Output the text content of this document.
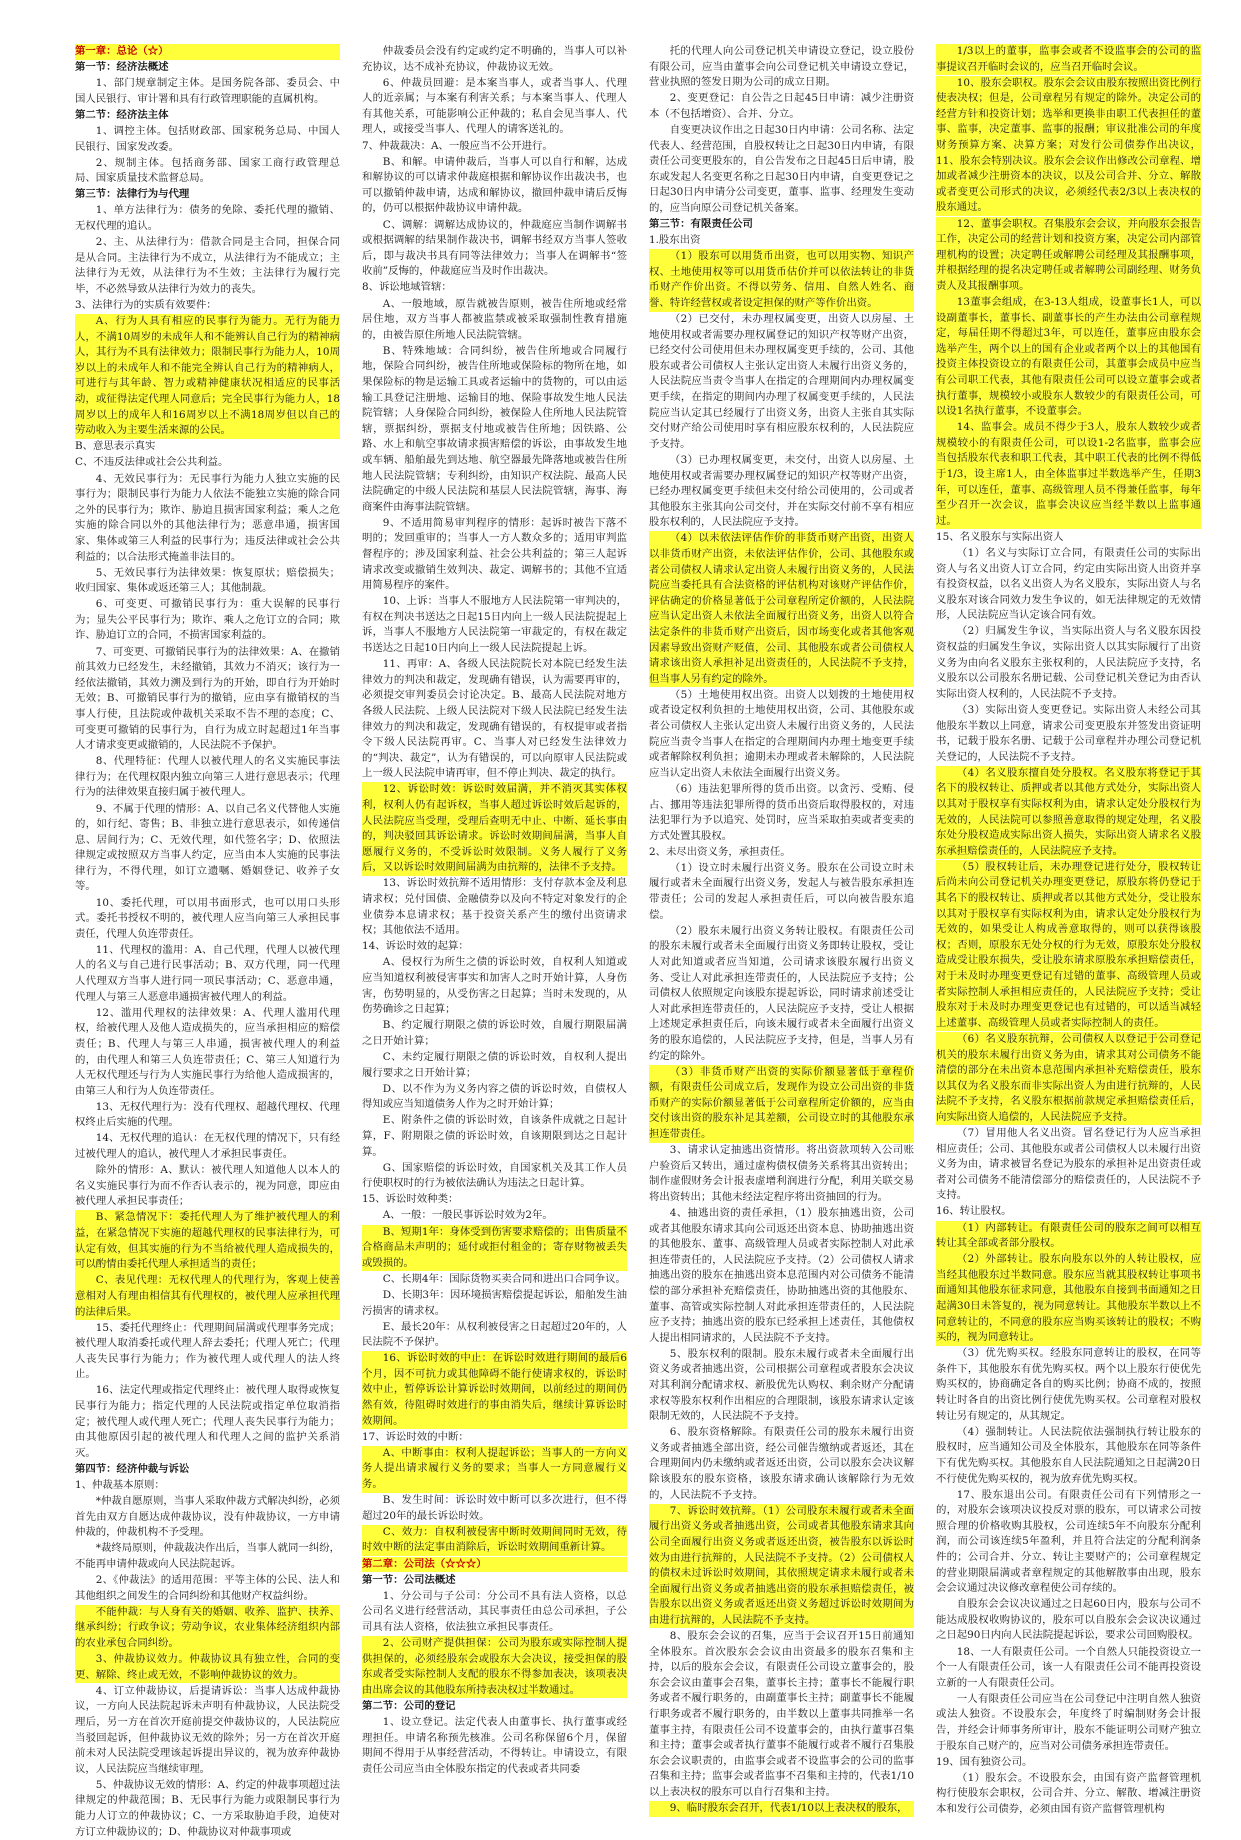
第一章：总论（☆）

第一节：经济法概述

1、部门规章制定主体。是国务院各部、委员会、中国人民银行、审计署和具有行政管理职能的直属机构。

第二节：经济法主体

1、调控主体。包括财政部、国家税务总局、中国人民银行、国家发改委。

2、规制主体。包括商务部、国家工商行政管理总局、国家质量技术监督总局。

第三节：法律行为与代理

1、单方法律行为：债务的免除、委托代理的撤销、无权代理的追认。

2、主、从法律行为：借款合同是主合同，担保合同是从合同。主法律行为不成立，从法律行为不能成立；主法律行为无效，从法律行为不生效；主法律行为履行完毕，不必然导致从法律行为效力的丧失。

3、法律行为的实质有效要件：

A、行为人具有相应的民事行为能力。无行为能力人，不满10周岁的未成年人和不能辨认自己行为的精神病人，其行为不具有法律效力；限制民事行为能力人，10周岁以上的未成年人和不能完全辨认自己行为的精神病人，可进行与其年龄、智力或精神健康状况相适应的民事活动，或征得法定代理人同意后；完全民事行为能力人，18周岁以上的成年人和16周岁以上不满18周岁但以自己的劳动收入为主要生活来源的公民。

B、意思表示真实

C、不违反法律或社会公共利益。

4、无效民事行为：无民事行为能力人独立实施的民事行为；限制民事行为能力人依法不能独立实施的除合同之外的民事行为；欺诈、胁迫且损害国家利益；乘人之危实施的除合同以外的其他法律行为；恶意串通，损害国家、集体或第三人利益的民事行为；违反法律或社会公共利益的；以合法形式掩盖非法目的。

5、无效民事行为法律效果：恢复原状；赔偿损失；收归国家、集体或返还第三人；其他制裁。

6、可变更、可撤销民事行为：重大误解的民事行为；显失公平民事行为；欺诈、乘人之危订立的合同；欺诈、胁迫订立的合同，不损害国家利益的。

7、可变更、可撤销民事行为的法律效果：A、在撤销前其效力已经发生，未经撤销，其效力不消灭；该行为一经依法撤销，其效力溯及到行为的开始，即自行为开始时无效；B、可撤销民事行为的撤销，应由享有撤销权的当事人行使，且法院或仲裁机关采取不告不理的态度；C、可变更可撤销的民事行为，自行为成立时起超过1年当事人才请求变更或撤销的，人民法院不予保护。

8、代理特征：代理人以被代理人的名义实施民事法律行为；在代理权限内独立向第三人进行意思表示；代理行为的法律效果直接归属于被代理人。

9、不属于代理的情形：A、以自己名义代替他人实施的，如行纪、寄售；B、非独立进行意思表示，如传递信息、居间行为；C、无效代理，如代签名字；D、依照法律规定或按照双方当事人约定，应当由本人实施的民事法律行为，不得代理，如订立遗嘱、婚姻登记、收养子女等。

10、委托代理，可以用书面形式，也可以用口头形式。委托书授权不明的，被代理人应当向第三人承担民事责任，代理人负连带责任。

11、代理权的滥用：A、自己代理，代理人以被代理人的名义与自己进行民事活动；B、双方代理，同一代理人代理双方当事人进行同一项民事活动；C、恶意串通，代理人与第三人恶意串通损害被代理人的利益。

12、滥用代理权的法律效果：A、代理人滥用代理权，给被代理人及他人造成损失的，应当承担相应的赔偿责任；B、代理人与第三人串通，损害被代理人的利益的，由代理人和第三人负连带责任；C、第三人知道行为人无权代理还与行为人实施民事行为给他人造成损害的，由第三人和行为人负连带责任。

13、无权代理行为：没有代理权、超越代理权、代理权终止后实施的代理。

14、无权代理的追认：在无权代理的情况下，只有经过被代理人的追认，被代理人才承担民事责任。

除外的情形：A、默认：被代理人知道他人以本人的名义实施民事行为而不作否认表示的，视为同意，即应由被代理人承担民事责任；

B、紧急情况下：委托代理人为了维护被代理人的利益，在紧急情况下实施的超越代理权的民事法律行为，可认定有效，但其实施的行为不当给被代理人造成损失的，可以酌情由委托代理人承担适当的责任；

C、表见代理：无权代理人的代理行为，客观上使善意相对人有理由相信其有代理权的，被代理人应承担代理的法律后果。

15、委托代理终止：代理期间届满或代理事务完成；被代理人取消委托或代理人辞去委托；代理人死亡；代理人丧失民事行为能力；作为被代理人或代理人的法人终止。

16、法定代理或指定代理终止：被代理人取得或恢复民事行为能力；指定代理的人民法院或指定单位取消指定；被代理人或代理人死亡；代理人丧失民事行为能力；由其他原因引起的被代理人和代理人之间的监护关系消灭。

第四节：经济仲裁与诉讼

1、仲裁基本原则：

*仲裁自愿原则，当事人采取仲裁方式解决纠纷，必须首先由双方自愿达成仲裁协议，没有仲裁协议，一方申请仲裁的，仲裁机构不予受理。

*裁终局原则，仲裁裁决作出后，当事人就同一纠纷，不能再申请仲裁或向人民法院起诉。

2、《仲裁法》的适用范围：平等主体的公民、法人和其他组织之间发生的合同纠纷和其他财产权益纠纷。

不能仲裁：与人身有关的婚姻、收养、监护、扶养、继承纠纷；行政争议；劳动争议，农业集体经济组织内部的农业承包合同纠纷。

3、仲裁协议效力。仲裁协议具有独立性，合同的变更、解除、终止或无效，不影响仲裁协议的效力。

4、订立仲裁协议，后提请诉讼：当事人达成仲裁协议，一方向人民法院起诉未声明有仲裁协议，人民法院受理后，另一方在首次开庭前提交仲裁协议的，人民法院应当驳回起诉，但仲裁协议无效的除外；另一方在首次开庭前未对人民法院受理该起诉提出异议的，视为放弃仲裁协议，人民法院应当继续审理。

5、仲裁协议无效的情形：A、约定的仲裁事项超过法律规定的仲裁范围；B、无民事行为能力或限制民事行为能力人订立的仲裁协议；C、一方采取胁迫手段，迫使对方订立仲裁协议的；D、仲裁协议对仲裁事项或

仲裁委员会没有约定或约定不明确的，当事人可以补充协议，达不成补充协议，仲裁协议无效。

6、仲裁员回避：是本案当事人，或者当事人、代理人的近亲属；与本案有利害关系；与本案当事人、代理人有其他关系，可能影响公正仲裁的；私自会见当事人、代理人，或接受当事人、代理人的请客送礼的。

7、仲裁裁决：A、一般应当不公开进行。

B、和解。申请仲裁后，当事人可以自行和解，达成和解协议的可以请求仲裁庭根据和解协议作出裁决书，也可以撤销仲裁申请，达成和解协议，撤回仲裁申请后反悔的，仍可以根据仲裁协议申请仲裁。

C、调解：调解达成协议的，仲裁庭应当制作调解书或根据调解的结果制作裁决书，调解书经双方当事人签收后，即与裁决书具有同等法律效力；当事人在调解书“签收前”反悔的，仲裁庭应当及时作出裁决。

8、诉讼地域管辖：

A、一般地域，原告就被告原则，被告住所地或经常居住地，双方当事人都被监禁或被采取强制性教育措施的，由被告原住所地人民法院管辖。

B、特殊地域：合同纠纷，被告住所地或合同履行地，保险合同纠纷，被告住所地或保险标的物所在地，如果保险标的物是运输工具或者运输中的货物的，可以由运输工具登记注册地、运输目的地、保险事故发生地人民法院管辖；人身保险合同纠纷，被保险人住所地人民法院管辖，票据纠纷，票据支付地或被告住所地；因铁路、公路、水上和航空事故请求损害赔偿的诉讼，由事故发生地或车辆、船舶最先到达地、航空器最先降落地或被告住所地人民法院管辖；专利纠纷，由知识产权法院、最高人民法院确定的中级人民法院和基层人民法院管辖，海事、海商案件由海事法院管辖。

9、不适用简易审判程序的情形：起诉时被告下落不明的；发回重审的；当事人一方人数众多的；适用审判监督程序的；涉及国家利益、社会公共利益的；第三人起诉请求改变或撤销生效判决、裁定、调解书的；其他不宜适用简易程序的案件。

10、上诉：当事人不服地方人民法院第一审判决的，有权在判决书送达之日起15日内向上一级人民法院提起上诉，当事人不服地方人民法院第一审裁定的，有权在裁定书送达之日起10日内向上一级人民法院提起上诉。

11、再审：A、各级人民法院院长对本院已经发生法律效力的判决和裁定，发现确有错误，认为需要再审的，必须提交审判委员会讨论决定。B、最高人民法院对地方各级人民法院、上级人民法院对下级人民法院已经发生法律效力的判决和裁定，发现确有错误的，有权提审或者指令下级人民法院再审。C、当事人对已经发生法律效力的“判决、裁定”，认为有错误的，可以向原审人民法院或上一级人民法院申请再审，但不停止判决、裁定的执行。

12、诉讼时效：诉讼时效届满，并不消灭其实体权利，权利人仍有起诉权，当事人超过诉讼时效后起诉的，人民法院应当受理，受理后查明无中止、中断、延长事由的，判决驳回其诉讼请求。诉讼时效期间届满，当事人自愿履行义务的，不受诉讼时效限制。义务人履行了义务后，又以诉讼时效期间届满为由抗辩的，法律不予支持。

13、诉讼时效抗辩不适用情形：支付存款本金及利息请求权；兑付国债、金融债券以及向不特定对象发行的企业债券本息请求权；基于投资关系产生的缴付出资请求权；其他依法不适用。

14、诉讼时效的起算：

A、侵权行为所生之债的诉讼时效，自权利人知道或应当知道权利被侵害事实和加害人之时开始计算，人身伤害，伤势明显的，从受伤害之日起算；当时未发现的，从伤势确诊之日起算；

B、约定履行期限之债的诉讼时效，自履行期限届满之日开始计算；

C、未约定履行期限之债的诉讼时效，自权利人提出履行要求之日开始计算；

D、以不作为为义务内容之债的诉讼时效，自债权人得知或应当知道债务人作为之时开始计算；

E、附条件之债的诉讼时效，自该条件成就之日起计算，F、附期限之债的诉讼时效，自该期限到达之日起计算。

G、国家赔偿的诉讼时效，自国家机关及其工作人员行使职权时的行为被依法确认为违法之日起计算。

15、诉讼时效种类：

A、一般：一般民事诉讼时效为2年。

B、短期1年：身体受到伤害要求赔偿的；出售质量不合格商品未声明的；延付或拒付租金的；寄存财物被丢失或毁损的。

C、长期4年：国际货物买卖合同和进出口合同争议。

D、长期3年：因环境损害赔偿提起诉讼，船舶发生油污损害的请求权。

E、最长20年：从权利被侵害之日起超过20年的，人民法院不予保护。

16、诉讼时效的中止：在诉讼时效进行期间的最后6个月，因不可抗力或其他障碍不能行使请求权的，诉讼时效中止，暂停诉讼计算诉讼时效期间，以前经过的期间仍然有效，待阻碍时效进行的事由消失后，继续计算诉讼时效期间。

17、诉讼时效的中断：

A、中断事由：权利人提起诉讼；当事人的一方向义务人提出请求履行义务的要求；当事人一方同意履行义务。

B、发生时间：诉讼时效中断可以多次进行，但不得超过20年的最长诉讼时效。

C、效力：自权利被侵害中断时效期间同时无效，待时效中断的法定事由消除后，诉讼时效期间重新计算。

第二章：公司法（☆☆☆）

第一节：公司法概述

1、分公司与子公司：分公司不具有法人资格，以总公司名义进行经营活动，其民事责任由总公司承担，子公司具有法人资格，依法独立承担民事责任。

2、公司财产提供担保：公司为股东或实际控制人提供担保的，必须经股东会或股东大会决议，接受担保的股东或者受实际控制人支配的股东不得参加表决，该项表决由出席会议的其他股东所持表决权过半数通过。

第二节：公司的登记

1、设立登记。法定代表人由董事长、执行董事或经理担任。申请名称预先核准。公司名称保留6个月，保留期间不得用于从事经营活动，不得转让。申请设立，有限责任公司应当由全体股东指定的代表或者共同委

托的代理人向公司登记机关申请设立登记，设立股份有限公司，应当由董事会向公司登记机关申请设立登记，营业执照的签发日期为公司的成立日期。

2、变更登记：自公告之日起45日申请：减少注册资本（不包括增资）、合并、分立。

自变更决议作出之日起30日内申请：公司名称、法定代表人、经营范围，自股权转让之日起30日内申请，有限责任公司变更股东的，自公告发布之日起45日后申请，股东或发起人名变更名称之日起30日内申请，自变更登记之日起30日内申请分公司变更，董事、监事、经理发生变动的，应当向原公司登记机关备案。

第三节：有限责任公司

1.股东出资

（1）股东可以用货币出资，也可以用实物、知识产权、土地使用权等可以用货币估价并可以依法转让的非货币财产作价出资。不得以劳务、信用、自然人姓名、商誉、特许经营权或者设定担保的财产等作价出资。

（2）已交付，未办理权属变更，出资人以房屋、土地使用权或者需要办理权属登记的知识产权等财产出资，已经交付公司使用但未办理权属变更手续的，公司、其他股东或者公司债权人主张认定出资人未履行出资义务的，人民法院应当责令当事人在指定的合理期间内办理权属变更手续，在指定的期间内办理了权属变更手续的，人民法院应当认定其已经履行了出资义务，出资人主张自其实际交付财产给公司使用时享有相应股东权利的，人民法院应予支持。

（3）已办理权属变更，未交付，出资人以房屋、土地使用权或者需要办理权属登记的知识产权等财产出资，已经办理权属变更手续但未交付给公司使用的，公司或者其他股东主张其向公司交付，并在实际交付前不享有相应股东权利的，人民法院应予支持。

（4）以未依法评估作价的非货币财产出资，出资人以非货币财产出资，未依法评估作价，公司、其他股东或者公司债权人请求认定出资人未履行出资义务的，人民法院应当委托具有合法资格的评估机构对该财产评估作价，评估确定的价格显著低于公司章程所定价额的，人民法院应当认定出资人未依法全面履行出资义务，出资人以符合法定条件的非货币财产出资后，因市场变化或者其他客观因素导致出资财产贬值，公司、其他股东或者公司债权人请求该出资人承担补足出资责任的，人民法院不予支持，但当事人另有约定的除外。

（5）土地使用权出资。出资人以划拨的土地使用权或者设定权利负担的土地使用权出资，公司、其他股东或者公司债权人主张认定出资人未履行出资义务的，人民法院应当责令当事人在指定的合理期间内办理土地变更手续或者解除权利负担；逾期未办理或者未解除的，人民法院应当认定出资人未依法全面履行出资义务。

（6）违法犯罪所得的货币出资。以贪污、受贿、侵占、挪用等违法犯罪所得的货币出资后取得股权的，对违法犯罪行为予以追究、处罚时，应当采取拍卖或者变卖的方式处置其股权。

2、未尽出资义务，承担责任。

（1）设立时未履行出资义务。股东在公司设立时未履行或者未全面履行出资义务，发起人与被告股东承担连带责任；公司的发起人承担责任后，可以向被告股东追偿。

（2）股东未履行出资义务转让股权。有限责任公司的股东未履行或者未全面履行出资义务即转让股权，受让人对此知道或者应当知道，公司请求该股东履行出资义务、受让人对此承担连带责任的，人民法院应予支持；公司债权人依照规定向该股东提起诉讼，同时请求前述受让人对此承担连带责任的，人民法院应予支持，受让人根据上述规定承担责任后，向该未履行或者未全面履行出资义务的股东追偿的，人民法院应予支持，但是，当事人另有约定的除外。

（3）非货币财产出资的实际价额显著低于章程价额，有限责任公司成立后，发现作为设立公司出资的非货币财产的实际价额显著低于公司章程所定价额的，应当由交付该出资的股东补足其差额，公司设立时的其他股东承担连带责任。

3、请求认定抽逃出资情形。将出资款项转入公司账户验资后又转出，通过虚构债权债务关系将其出资转出；制作虚假财务会计报表虚增利润进行分配，利用关联交易将出资转出；其他未经法定程序将出资抽回的行为。

4、抽逃出资的责任承担，（1）股东抽逃出资，公司或者其他股东请求其向公司返还出资本息、协助抽逃出资的其他股东、董事、高级管理人员或者实际控制人对此承担连带责任的，人民法院应予支持。（2）公司债权人请求抽逃出资的股东在抽逃出资本息范围内对公司债务不能清偿的部分承担补充赔偿责任，协助抽逃出资的其他股东、董事、高管或实际控制人对此承担连带责任的，人民法院应予支持；抽逃出资的股东已经承担上述责任，其他债权人提出相同请求的，人民法院不予支持。

5、股东权利的限制。股东未履行或者未全面履行出资义务或者抽逃出资，公司根据公司章程或者股东会决议对其利润分配请求权、新股优先认购权、剩余财产分配请求权等股东权利作出相应的合理限制，该股东请求认定该限制无效的，人民法院不予支持。

6、股东资格解除。有限责任公司的股东未履行出资义务或者抽逃全部出资，经公司催告缴纳或者返还，其在合理期间内仍未缴纳或者返还出资，公司以股东会决议解除该股东的股东资格，该股东请求确认该解除行为无效的，人民法院不予支持。

7、诉讼时效抗辩。（1）公司股东未履行或者未全面履行出资义务或者抽逃出资，公司或者其他股东请求其向公司全面履行出资义务或者返还出资，被告股东以诉讼时效为由进行抗辩的，人民法院不予支持。（2）公司债权人的债权未过诉讼时效期间，其依照规定请求未履行或者未全面履行出资义务或者抽逃出资的股东承担赔偿责任，被告股东以出资义务或者返还出资义务超过诉讼时效期间为由进行抗辩的，人民法院不予支持。

8、股东会会议的召集，应当于会议召开15日前通知全体股东。首次股东会会议由出资最多的股东召集和主持，以后的股东会会议，有限责任公司设立董事会的，股东会会议由董事会召集，董事长主持；董事长不能履行职务或者不履行职务的，由副董事长主持；副董事长不能履行职务或者不履行职务的，由半数以上董事共同推举一名董事主持，有限责任公司不设董事会的，由执行董事召集和主持；董事会或者执行董事不能履行或者不履行召集股东会会议职责的，由监事会或者不设监事会的公司的监事召集和主持；监事会或者监事不召集和主持的，代表1/10以上表决权的股东可以自行召集和主持。

9、临时股东会召开，代表1/10以上表决权的股东，

1/3以上的董事，监事会或者不设监事会的公司的监事提议召开临时会议的，应当召开临时会议。

10、股东会职权。股东会会议由股东按照出资比例行使表决权；但是，公司章程另有规定的除外。决定公司的经营方针和投资计划；选举和更换非由职工代表担任的董事、监事，决定董事、监事的报酬；审议批准公司的年度财务预算方案、决算方案；对发行公司债券作出决议，11、股东会特别决议。股东会会议作出修改公司章程、增加或者减少注册资本的决议，以及公司合并、分立、解散或者变更公司形式的决议，必须经代表2/3以上表决权的股东通过。

12、董事会职权。召集股东会会议，并向股东会报告工作，决定公司的经营计划和投资方案，决定公司内部管理机构的设置；决定聘任或解聘公司经理及其报酬事项，并根据经理的提名决定聘任或者解聘公司副经理、财务负责人及其报酬事项。

13董事会组成，在3-13人组成，设董事长1人，可以设副董事长，董事长、副董事长的产生办法由公司章程规定，每届任期不得超过3年，可以连任，董事应由股东会选举产生，两个以上的国有企业或者两个以上的其他国有投资主体投资设立的有限责任公司，其董事会成员中应当有公司职工代表，其他有限责任公司可以设立董事会或者执行董事，规模较小或股东人数较少的有限责任公司，可以设1名执行董事，不设董事会。

14、监事会。成员不得少于3人，股东人数较少或者规模较小的有限责任公司，可以设1-2名监事，监事会应当包括股东代表和职工代表，其中职工代表的比例不得低于1/3，设主席1人，由全体监事过半数选举产生，任期3年，可以连任，董事、高级管理人员不得兼任监事，每年至少召开一次会议，监事会决议应当经半数以上监事通过。

15、名义股东与实际出资人

（1）名义与实际订立合同，有限责任公司的实际出资人与名义出资人订立合同，约定由实际出资人出资并享有投资权益，以名义出资人为名义股东，实际出资人与名义股东对该合同效力发生争议的，如无法律规定的无效情形，人民法院应当认定该合同有效。

（2）归属发生争议，当实际出资人与名义股东因投资权益的归属发生争议，实际出资人以其实际履行了出资义务为由向名义股东主张权利的，人民法院应予支持，名义股东以公司股东名册记载、公司登记机关登记为由否认实际出资人权利的，人民法院不予支持。

（3）实际出资人变更登记。实际出资人未经公司其他股东半数以上同意，请求公司变更股东并签发出资证明书，记载于股东名册、记载于公司章程并办理公司登记机关登记的，人民法院不予支持。

（4）名义股东擅自处分股权。名义股东将登记于其名下的股权转让、质押或者以其他方式处分，实际出资人以其对于股权享有实际权利为由，请求认定处分股权行为无效的，人民法院可以参照善意取得的规定处理，名义股东处分股权造成实际出资人损失，实际出资人请求名义股东承担赔偿责任的，人民法院应予支持。

（5）股权转让后，未办理登记进行处分，股权转让后尚未向公司登记机关办理变更登记，原股东将仍登记于其名下的股权转让、质押或者以其他方式处分，受让股东以其对于股权享有实际权利为由，请求认定处分股权行为无效的，如果受让人构成善意取得的，则可以获得该股权；否则，原股东无处分权的行为无效，原股东处分股权造成受让股东损失，受让股东请求原股东承担赔偿责任，对于未及时办理变更登记有过错的董事、高级管理人员或者实际控制人承担相应责任的，人民法院应予支持；受让股东对于未及时办理变更登记也有过错的，可以适当减轻上述董事、高级管理人员或者实际控制人的责任。

（6）名义股东抗辩，公司债权人以登记于公司登记机关的股东未履行出资义务为由，请求其对公司债务不能清偿的部分在未出资本息范围内承担补充赔偿责任，股东以其仅为名义股东而非实际出资人为由进行抗辩的，人民法院不予支持，名义股东根据前款规定承担赔偿责任后，向实际出资人追偿的，人民法院应予支持。

（7）冒用他人名义出资。冒名登记行为人应当承担相应责任；公司、其他股东或者公司债权人以未履行出资义务为由，请求被冒名登记为股东的承担补足出资责任或者对公司债务不能清偿部分的赔偿责任的，人民法院不予支持。

16、转让股权。

（1）内部转让。有限责任公司的股东之间可以相互转让其全部或者部分股权。

（2）外部转让。股东向股东以外的人转让股权，应当经其他股东过半数同意。股东应当就其股权转让事项书面通知其他股东征求同意，其他股东自接到书面通知之日起满30日未答复的，视为同意转让。其他股东半数以上不同意转让的，不同意的股东应当购买该转让的股权；不购买的，视为同意转让。

（3）优先购买权。经股东同意转让的股权，在同等条件下，其他股东有优先购买权。两个以上股东行使优先购买权的，协商确定各自的购买比例；协商不成的，按照转让时各自的出资比例行使优先购买权。公司章程对股权转让另有规定的，从其规定。

（4）强制转让。人民法院依法强制执行转让股东的股权时，应当通知公司及全体股东，其他股东在同等条件下有优先购买权。其他股东自人民法院通知之日起满20日不行使优先购买权的，视为放弃优先购买权。

17、股东退出公司。有限责任公司有下列情形之一的，对股东会该项决议投反对票的股东，可以请求公司按照合理的价格收购其股权，公司连续5年不向股东分配利润，而公司该连续5年盈利，并且符合法定的分配利润条件的；公司合并、分立、转让主要财产的；公司章程规定的营业期限届满或者章程规定的其他解散事由出现，股东会会议通过决议修改章程使公司存续的。

自股东会会议决议通过之日起60日内，股东与公司不能达成股权收购协议的，股东可以自股东会会议决议通过之日起90日内向人民法院提起诉讼，要求公司回购股权。

18、一人有限责任公司。一个自然人只能投资设立一个一人有限责任公司，该一人有限责任公司不能再投资设立新的一人有限责任公司。

一人有限责任公司应当在公司登记中注明自然人独资或法人独资。不设股东会，年度终了时编制财务会计报告，并经会计师事务所审计，股东不能证明公司财产独立于股东自己财产的，应当对公司债务承担连带责任。

19、国有独资公司。

（1）股东会。不设股东会，由国有资产监督管理机构行使股东会职权，公司合并、分立、解散、增减注册资本和发行公司债券，必须由国有资产监督管理机构
